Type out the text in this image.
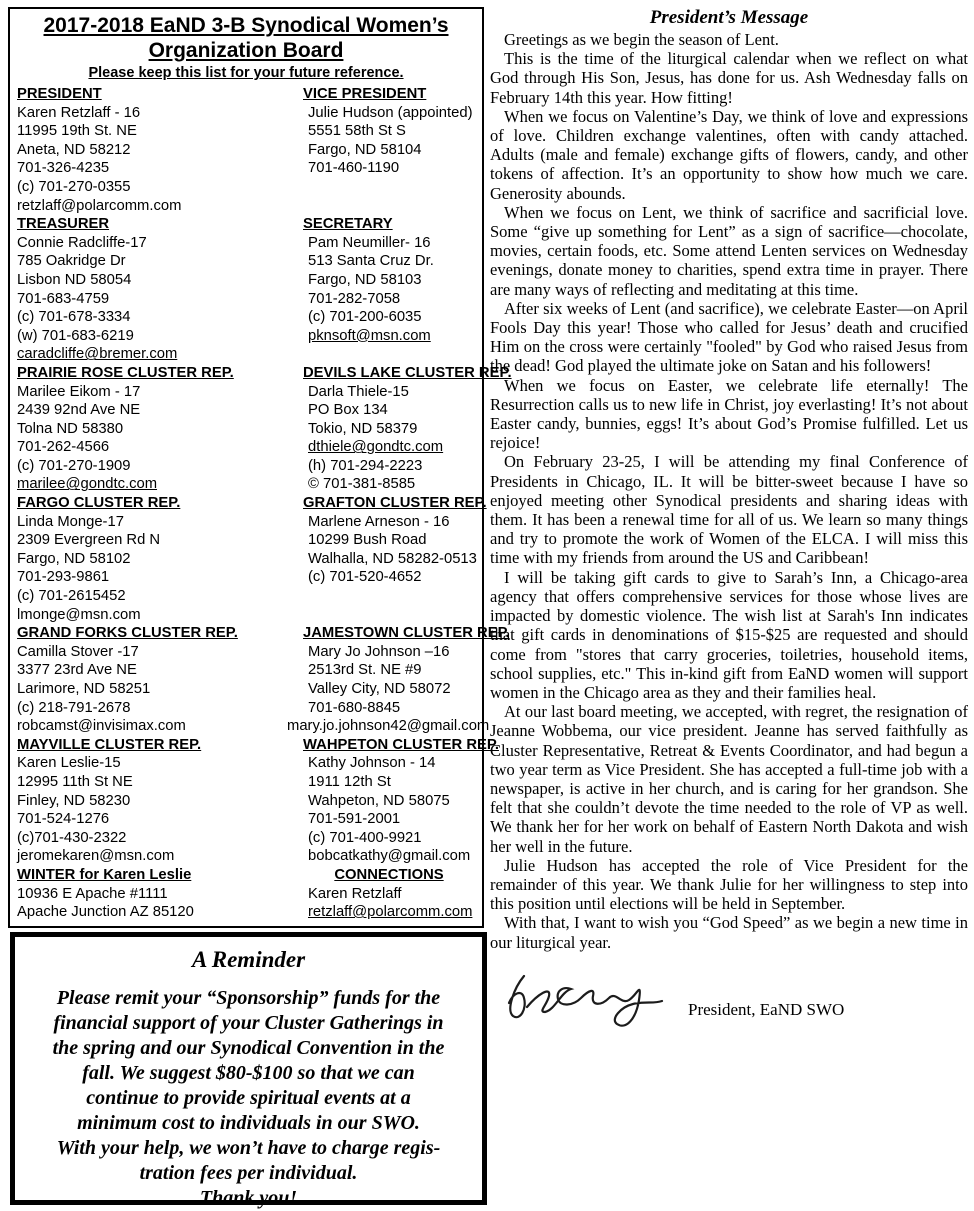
2017-2018 EaND 3-B Synodical Women’s
Organization Board
Please keep this list for your future reference.
PRESIDENT
Karen Retzlaff - 16
11995 19th St. NE
Aneta, ND 58212
701-326-4235
(c) 701-270-0355
retzlaff@polarcomm.com
TREASURER
Connie Radcliffe-17
785 Oakridge Dr
Lisbon ND 58054
701-683-4759
(c) 701-678-3334
(w) 701-683-6219
caradcliffe@bremer.com
PRAIRIE ROSE CLUSTER REP.
Marilee Eikom - 17
2439 92nd Ave NE
Tolna ND 58380
701-262-4566
(c) 701-270-1909
marilee@gondtc.com
FARGO CLUSTER REP.
Linda Monge-17
2309 Evergreen Rd N
Fargo, ND 58102
701-293-9861
(c) 701-2615452
lmonge@msn.com
GRAND FORKS CLUSTER REP.
Camilla Stover -17
3377 23rd Ave NE
Larimore, ND 58251
(c) 218-791-2678
robcamst@invisimax.com
MAYVILLE CLUSTER REP.
Karen Leslie-15
12995 11th St NE
Finley, ND 58230
701-524-1276
(c)701-430-2322
jeromekaren@msn.com
WINTER for Karen Leslie
10936 E Apache #1111
Apache Junction AZ 85120
VICE PRESIDENT
Julie Hudson (appointed)
5551 58th St S
Fargo, ND 58104
701-460-1190

SECRETARY
Pam Neumiller- 16
513 Santa Cruz Dr.
Fargo, ND 58103
701-282-7058
(c) 701-200-6035
pknsoft@msn.com

DEVILS LAKE CLUSTER REP.
Darla Thiele-15
PO Box 134
Tokio, ND 58379
dthiele@gondtc.com
(h) 701-294-2223
© 701-381-8585
GRAFTON CLUSTER REP.
Marlene Arneson - 16
10299 Bush Road
Walhalla, ND 58282-0513
(c) 701-520-4652

JAMESTOWN CLUSTER REP.
Mary Jo Johnson –16
2513rd St. NE #9
Valley City, ND 58072
701-680-8845
mary.jo.johnson42@gmail.com
WAHPETON CLUSTER REP.
Kathy Johnson - 14
1911 12th St
Wahpeton, ND 58075
701-591-2001
(c) 701-400-9921
bobcatkathy@gmail.com
CONNECTIONS
Karen Retzlaff
retzlaff@polarcomm.com
A Reminder
Please remit your “Sponsorship” funds for the
financial support of your Cluster Gatherings in
the spring and our Synodical Convention in the
fall. We suggest $80-$100 so that we can
continue to provide spiritual events at a
minimum cost to individuals in our SWO.
With your help, we won’t have to charge regis-
tration fees per individual.
Thank you!
President’s Message

Greetings as we begin the season of Lent.

This is the time of the liturgical calendar when we reflect on what God through His Son, Jesus, has done for us. Ash Wednesday falls on February 14th this year. How fitting!

When we focus on Valentine’s Day, we think of love and expressions of love. Children exchange valentines, often with candy attached. Adults (male and female) exchange gifts of flowers, candy, and other tokens of affection. It’s an opportunity to show how much we care. Generosity abounds.

When we focus on Lent, we think of sacrifice and sacrificial love. Some “give up something for Lent” as a sign of sacrifice—chocolate, movies, certain foods, etc. Some attend Lenten services on Wednesday evenings, donate money to charities, spend extra time in prayer. There are many ways of reflecting and meditating at this time.

After six weeks of Lent (and sacrifice), we celebrate Easter—on April Fools Day this year! Those who called for Jesus’ death and crucified Him on the cross were certainly "fooled" by God who raised Jesus from the dead! God played the ultimate joke on Satan and his followers!

When we focus on Easter, we celebrate life eternally! The Resurrection calls us to new life in Christ, joy everlasting! It’s not about Easter candy, bunnies, eggs! It’s about God’s Promise fulfilled. Let us rejoice!

On February 23-25, I will be attending my final Conference of Presidents in Chicago, IL. It will be bitter-sweet because I have so enjoyed meeting other Synodical presidents and sharing ideas with them. It has been a renewal time for all of us. We learn so many things and try to promote the work of Women of the ELCA. I will miss this time with my friends from around the US and Caribbean!

I will be taking gift cards to give to Sarah’s Inn, a Chicago-area agency that offers comprehensive services for those whose lives are impacted by domestic violence. The wish list at Sarah's Inn indicates that gift cards in denominations of $15-$25 are requested and should come from "stores that carry groceries, toiletries, household items, school supplies, etc." This in-kind gift from EaND women will support women in the Chicago area as they and their families heal.

At our last board meeting, we accepted, with regret, the resignation of Jeanne Wobbema, our vice president. Jeanne has served faithfully as Cluster Representative, Retreat & Events Coordinator, and had begun a two year term as Vice President. She has accepted a full-time job with a newspaper, is active in her church, and is caring for her grandson. She felt that she couldn’t devote the time needed to the role of VP as well. We thank her for her work on behalf of Eastern North Dakota and wish her well in the future.

Julie Hudson has accepted the role of Vice President for the remainder of this year. We thank Julie for her willingness to step into this position until elections will be held in September.

With that, I want to wish you “God Speed” as we begin a new time in our liturgical year.

President, EaND SWO
